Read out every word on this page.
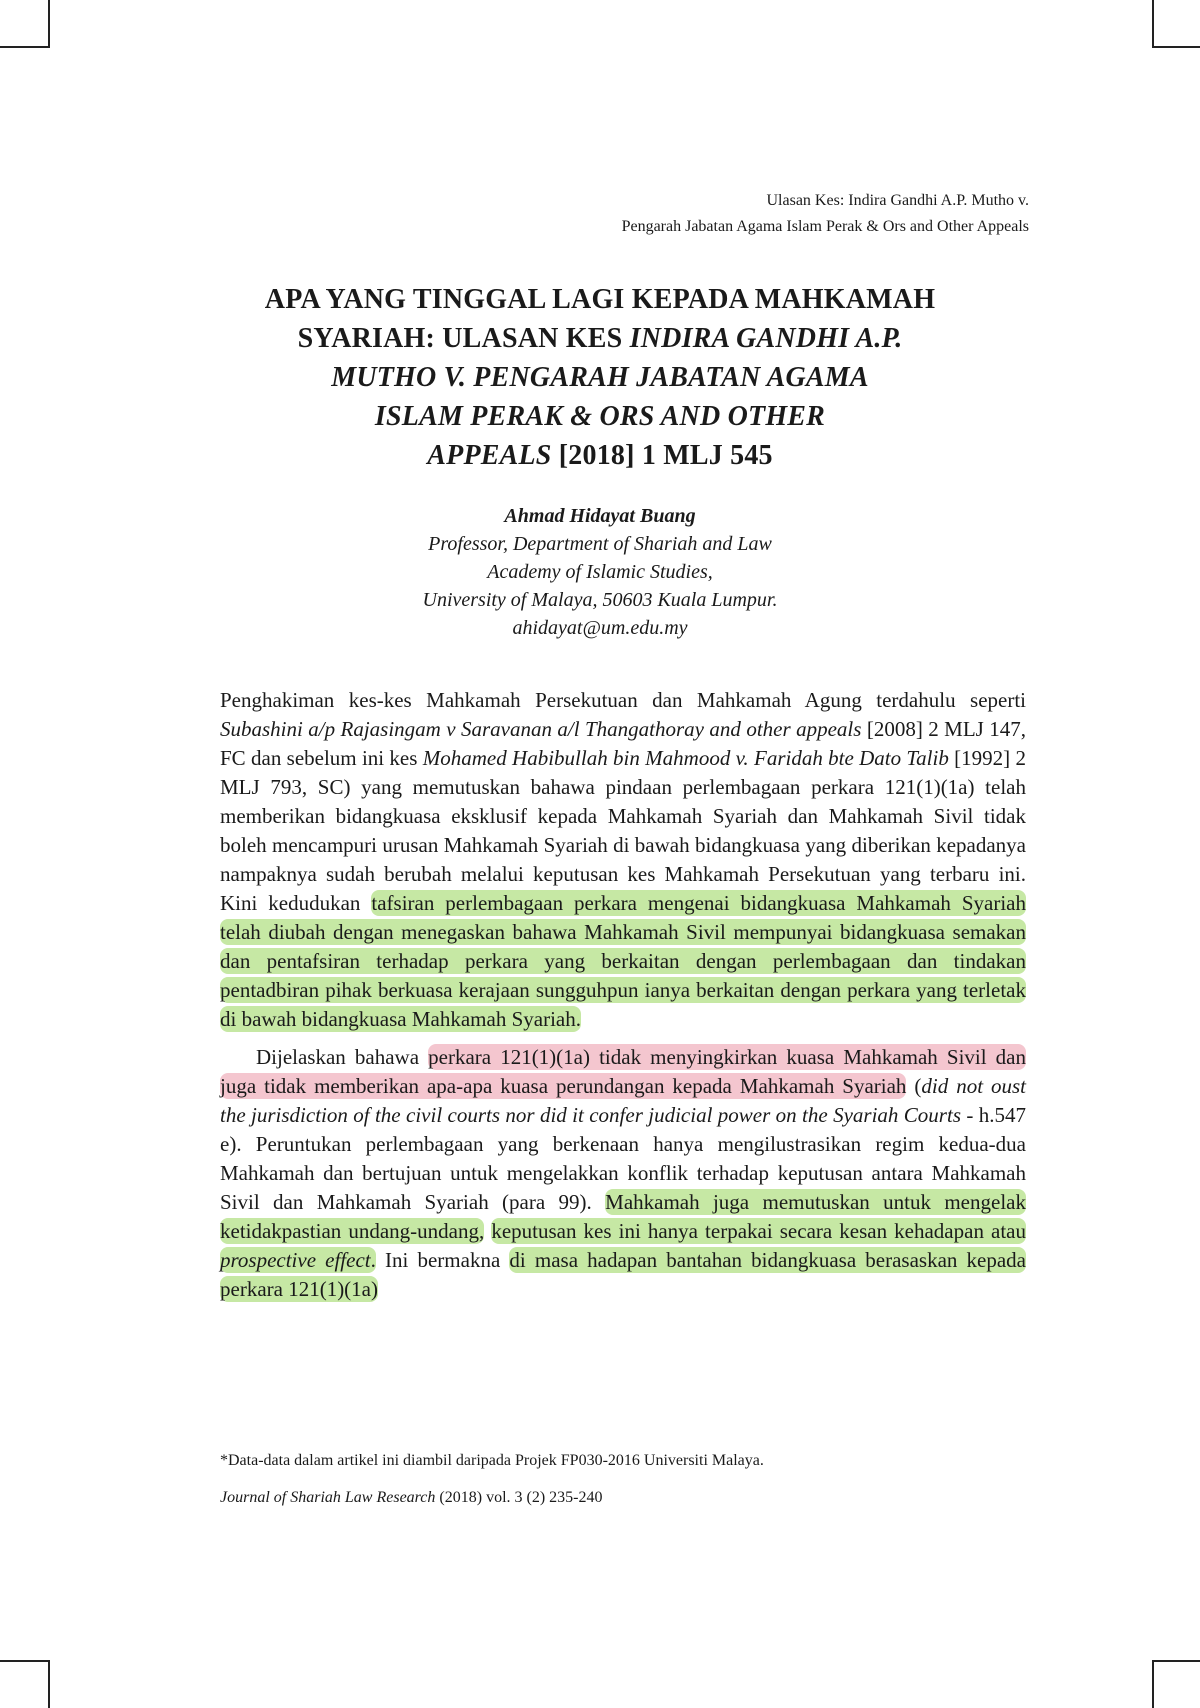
Ulasan Kes: Indira Gandhi A.P. Mutho v.
Pengarah Jabatan Agama Islam Perak & Ors and Other Appeals
APA YANG TINGGAL LAGI KEPADA MAHKAMAH
SYARIAH: ULASAN KES INDIRA GANDHI A.P.
MUTHO V. PENGARAH JABATAN AGAMA
ISLAM PERAK & ORS AND OTHER
APPEALS [2018] 1 MLJ 545
Ahmad Hidayat Buang
Professor, Department of Shariah and Law
Academy of Islamic Studies,
University of Malaya, 50603 Kuala Lumpur.
ahidayat@um.edu.my

Penghakiman kes-kes Mahkamah Persekutuan dan Mahkamah Agung terdahulu seperti Subashini a/p Rajasingam v Saravanan a/l Thangathoray and other appeals [2008] 2 MLJ 147, FC dan sebelum ini kes Mohamed Habibullah bin Mahmood v. Faridah bte Dato Talib [1992] 2 MLJ 793, SC) yang memutuskan bahawa pindaan perlembagaan perkara 121(1)(1a) telah memberikan bidangkuasa eksklusif kepada Mahkamah Syariah dan Mahkamah Sivil tidak boleh mencampuri urusan Mahkamah Syariah di bawah bidangkuasa yang diberikan kepadanya nampaknya sudah berubah melalui keputusan kes Mahkamah Persekutuan yang terbaru ini. Kini kedudukan tafsiran perlembagaan perkara mengenai bidangkuasa Mahkamah Syariah telah diubah dengan menegaskan bahawa Mahkamah Sivil mempunyai bidangkuasa semakan dan pentafsiran terhadap perkara yang berkaitan dengan perlembagaan dan tindakan pentadbiran pihak berkuasa kerajaan sungguhpun ianya berkaitan dengan perkara yang terletak di bawah bidangkuasa Mahkamah Syariah.

Dijelaskan bahawa perkara 121(1)(1a) tidak menyingkirkan kuasa Mahkamah Sivil dan juga tidak memberikan apa-apa kuasa perundangan kepada Mahkamah Syariah (did not oust the jurisdiction of the civil courts nor did it confer judicial power on the Syariah Courts - h.547 e). Peruntukan perlembagaan yang berkenaan hanya mengilustrasikan regim kedua-dua Mahkamah dan bertujuan untuk mengelakkan konflik terhadap keputusan antara Mahkamah Sivil dan Mahkamah Syariah (para 99). Mahkamah juga memutuskan untuk mengelak ketidakpastian undang-undang, keputusan kes ini hanya terpakai secara kesan kehadapan atau prospective effect. Ini bermakna di masa hadapan bantahan bidangkuasa berasaskan kepada perkara 121(1)(1a)

*Data-data dalam artikel ini diambil daripada Projek FP030-2016 Universiti Malaya.
Journal of Shariah Law Research (2018) vol. 3 (2) 235-240
